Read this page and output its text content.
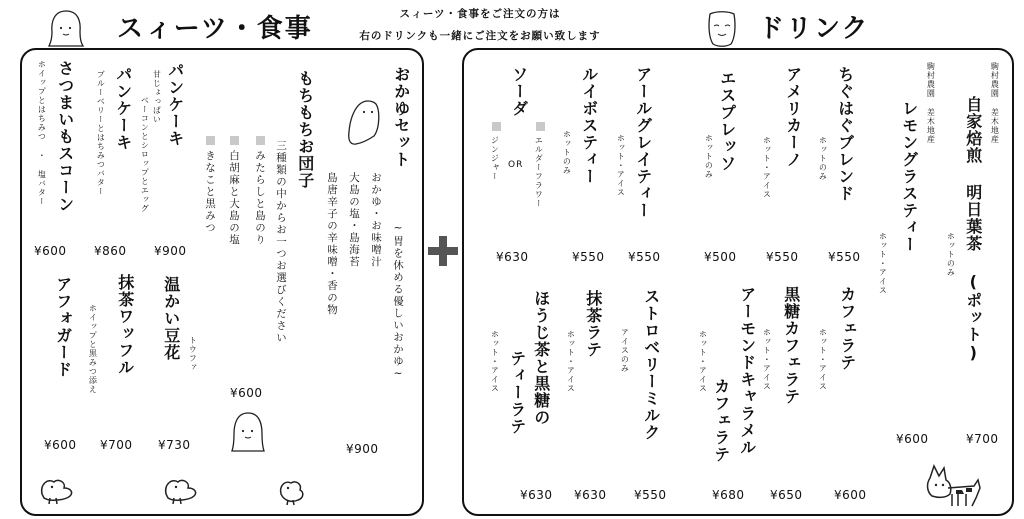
スィーツ・食事	スィーツ・食事をご注文の方は
右のドリンクも一緒にご注文をお願い致します	ドリンク
さつまいもスコーン
ホイップとはちみつ ・ 塩バター
¥600
パンケーキ
ブルーベリーとはちみつバター
¥860
パンケーキ
甘じょっぱい
ベーコンとシロップとエッグ
¥900
もちもちお団子
三種類の中からお一つお選びください
みたらしと島のり
白胡麻と大島の塩
きなこと黒みつ
¥600
おかゆセット
~胃を休める優しいおかゆ~
おかゆ・お味噌汁
大島の塩・島海苔
島唐辛子の辛味噌・香の物
¥900
アフォガード
¥600
抹茶ワッフル
ホイップと黒みつ添え
¥700
温かい豆花 トウファ
¥730
駒村農園 差木地産
自家焙煎 明日葉茶 (ポット)
ホットのみ
¥700
駒村農園 差木地産
レモングラスティー
ホット・アイス
¥600
ちぐはぐブレンド
ホットのみ
¥550
アメリカーノ
ホット・アイス
¥550
エスプレッソ
ホットのみ
¥500
アールグレイティー
ホット・アイス
¥550
ルイボスティー
ホットのみ
¥550
ソーダ
エルダーフラワー
OR
ジンジャー
¥630
カフェラテ
ホット・アイス
¥600
黒糖カフェラテ
ホット・アイス
¥650
アーモンドキャラメル
カフェラテ
ホット・アイス
¥680
ストロベリーミルク
アイスのみ
¥550
抹茶ラテ
ホット・アイス
¥630
ほうじ茶と黒糖の
ティーラテ
ホット・アイス
¥630
